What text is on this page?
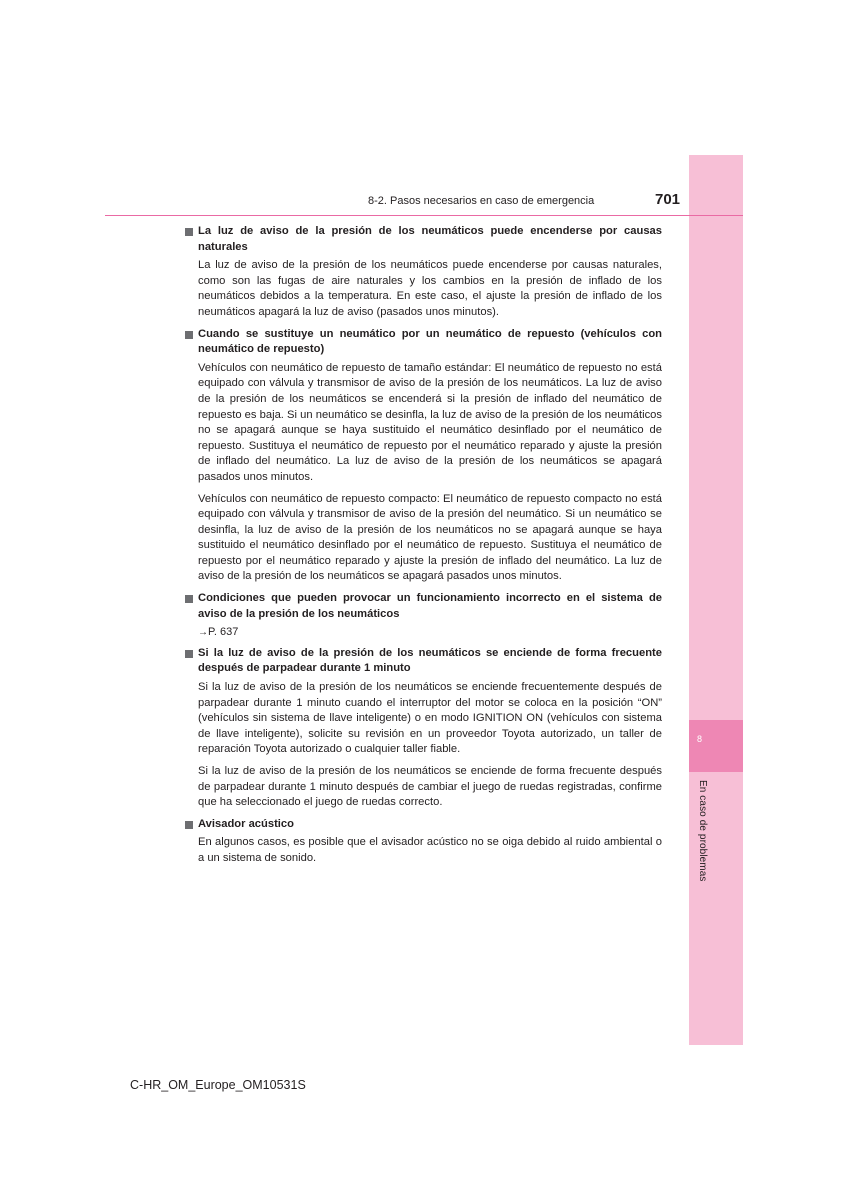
8
En caso de problemas
8-2. Pasos necesarios en caso de emergencia	701
La luz de aviso de la presión de los neumáticos puede encenderse por causas naturales

La luz de aviso de la presión de los neumáticos puede encenderse por causas naturales, como son las fugas de aire naturales y los cambios en la presión de inflado de los neumáticos debidos a la temperatura. En este caso, el ajuste la presión de inflado de los neumáticos apagará la luz de aviso (pasados unos minutos).

Cuando se sustituye un neumático por un neumático de repuesto (vehículos con neumático de repuesto)

Vehículos con neumático de repuesto de tamaño estándar: El neumático de repuesto no está equipado con válvula y transmisor de aviso de la presión de los neumáticos. La luz de aviso de la presión de los neumáticos se encenderá si la presión de inflado del neumático de repuesto es baja. Si un neumático se desinfla, la luz de aviso de la presión de los neumáticos no se apagará aunque se haya sustituido el neumático desinflado por el neumático de repuesto. Sustituya el neumático de repuesto por el neumático reparado y ajuste la presión de inflado del neumático. La luz de aviso de la presión de los neumáticos se apagará pasados unos minutos.

Vehículos con neumático de repuesto compacto: El neumático de repuesto compacto no está equipado con válvula y transmisor de aviso de la presión del neumático. Si un neumático se desinfla, la luz de aviso de la presión de los neumáticos no se apagará aunque se haya sustituido el neumático desinflado por el neumático de repuesto. Sustituya el neumático de repuesto por el neumático reparado y ajuste la presión de inflado del neumático. La luz de aviso de la presión de los neumáticos se apagará pasados unos minutos.

Condiciones que pueden provocar un funcionamiento incorrecto en el sistema de aviso de la presión de los neumáticos

→P. 637

Si la luz de aviso de la presión de los neumáticos se enciende de forma frecuente después de parpadear durante 1 minuto

Si la luz de aviso de la presión de los neumáticos se enciende frecuentemente después de parpadear durante 1 minuto cuando el interruptor del motor se coloca en la posición “ON” (vehículos sin sistema de llave inteligente) o en modo IGNITION ON (vehículos con sistema de llave inteligente), solicite su revisión en un proveedor Toyota autorizado, un taller de reparación Toyota autorizado o cualquier taller fiable.

Si la luz de aviso de la presión de los neumáticos se enciende de forma frecuente después de parpadear durante 1 minuto después de cambiar el juego de ruedas registradas, confirme que ha seleccionado el juego de ruedas correcto.

Avisador acústico

En algunos casos, es posible que el avisador acústico no se oiga debido al ruido ambiental o a un sistema de sonido.

C-HR_OM_Europe_OM10531S
